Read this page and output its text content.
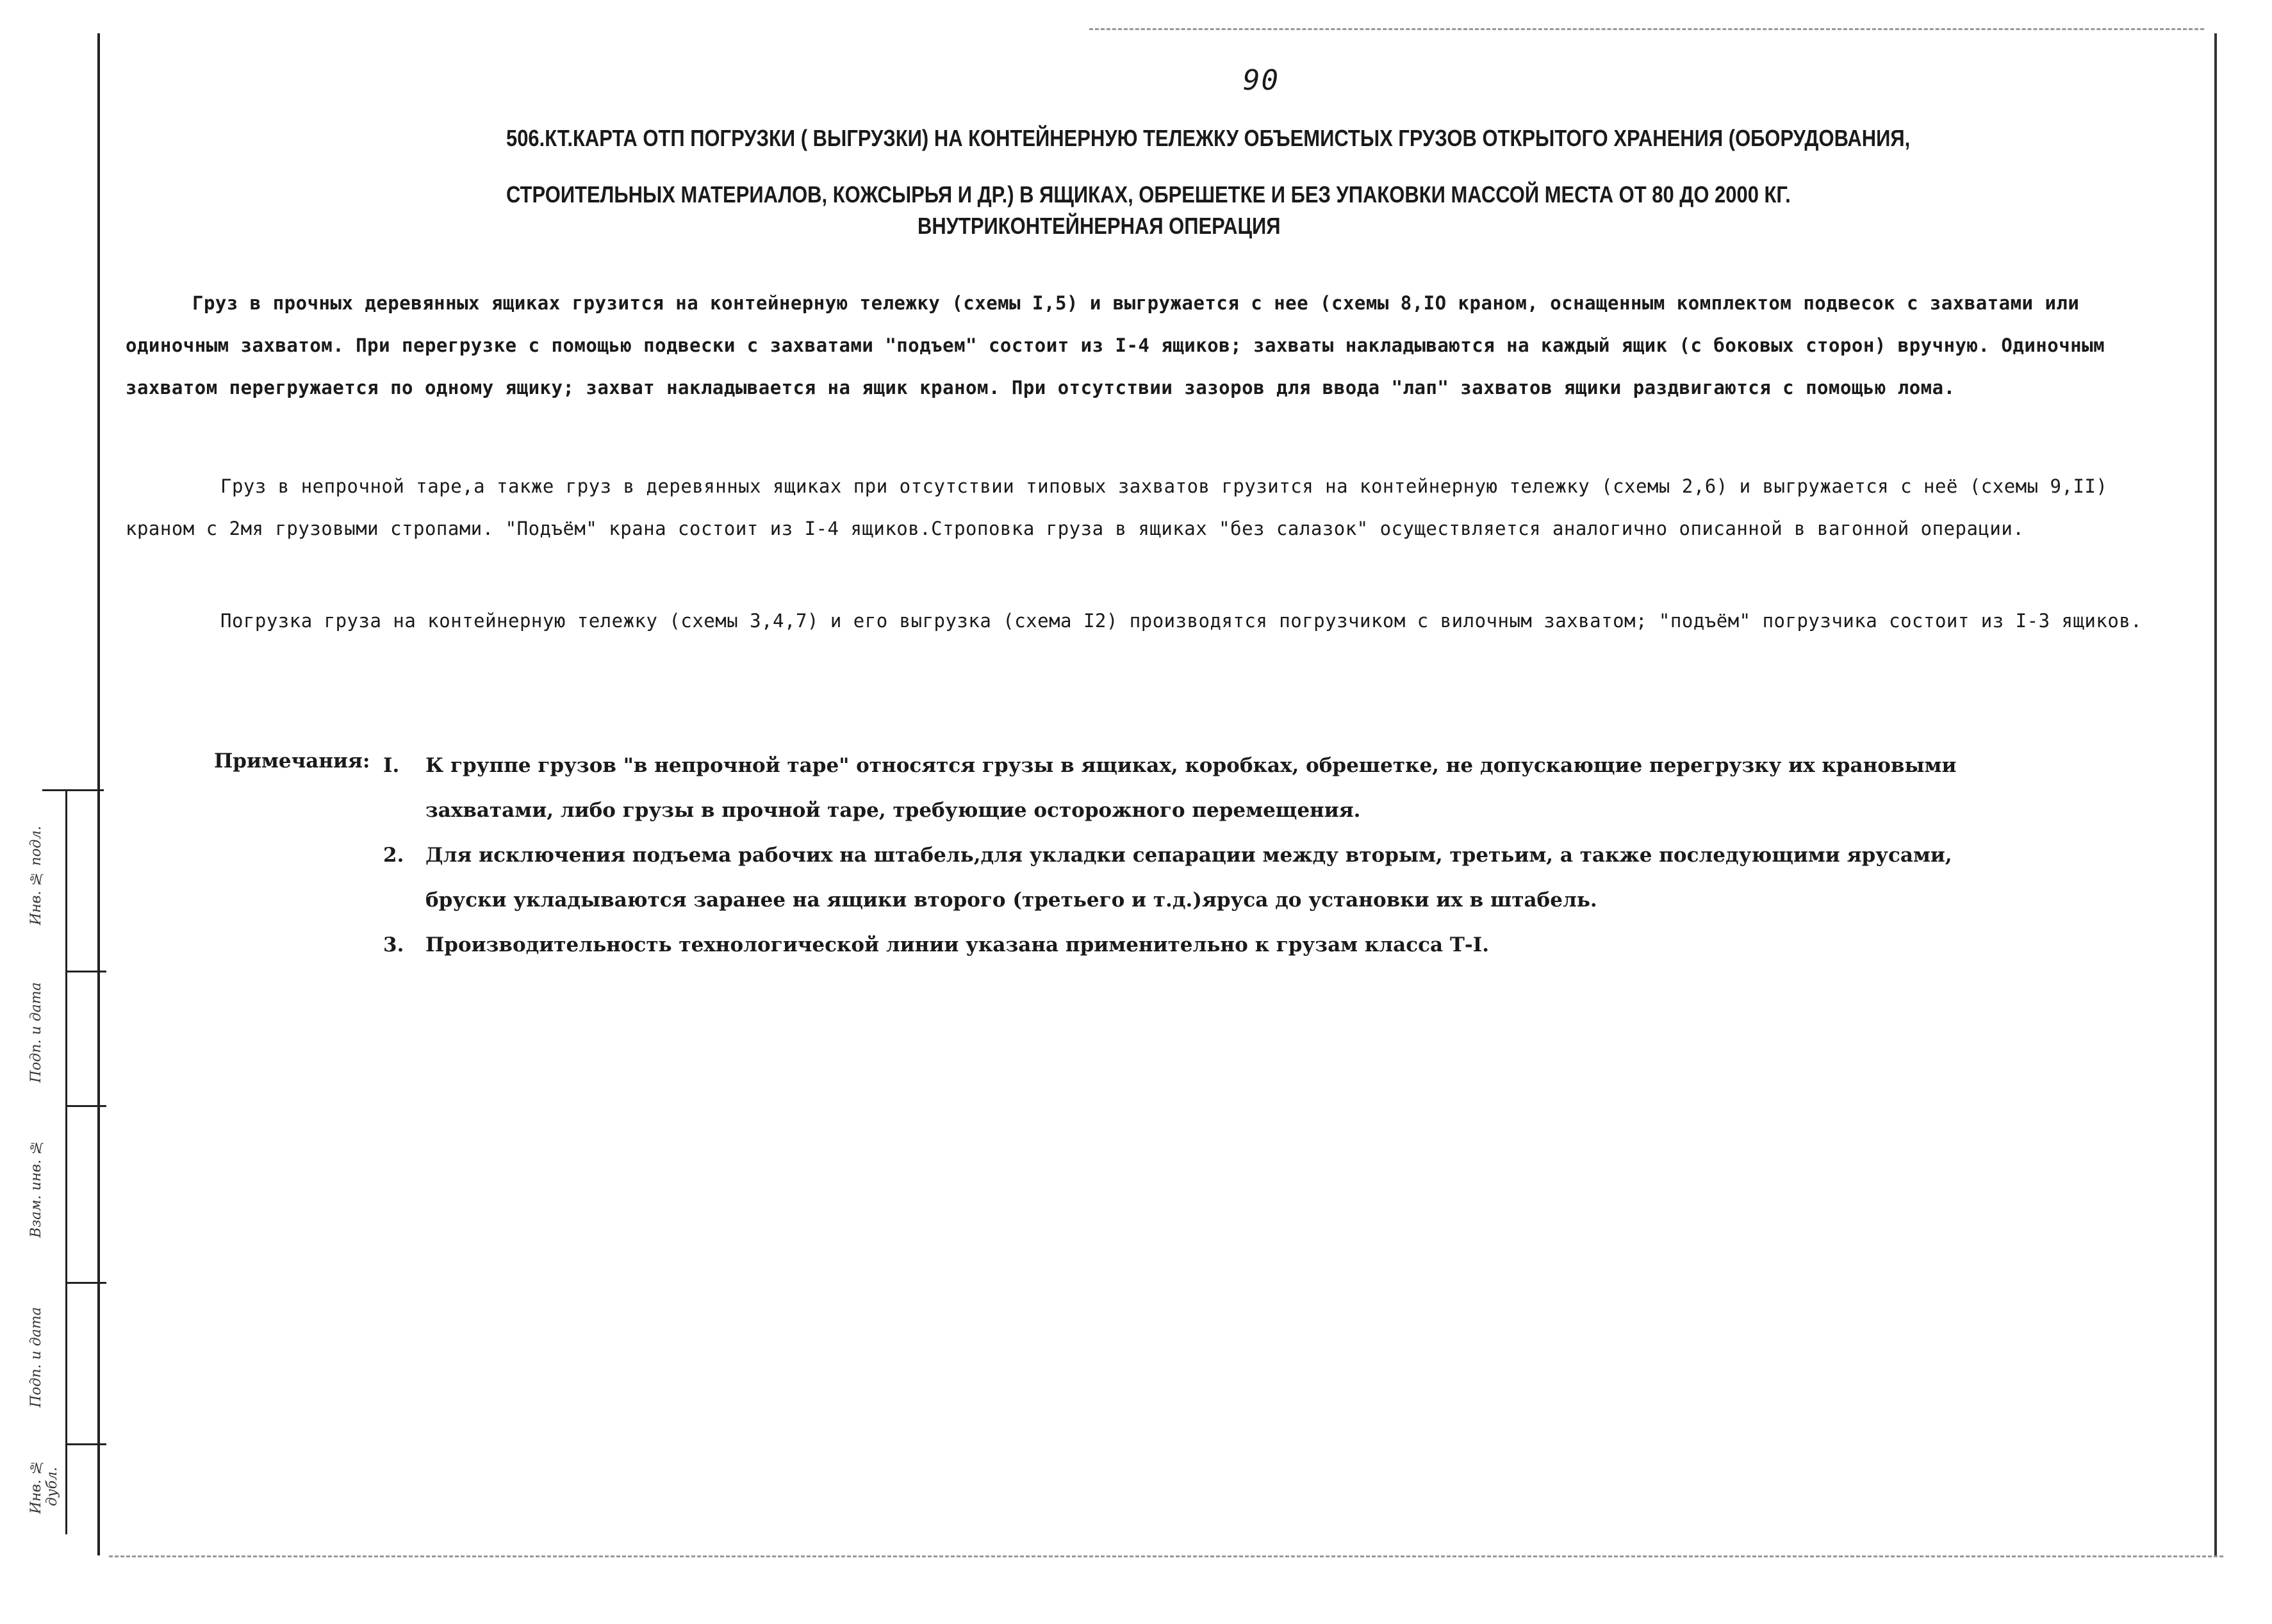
90

506.КТ.КАРТА ОТП ПОГРУЗКИ ( ВЫГРУЗКИ) НА КОНТЕЙНЕРНУЮ ТЕЛЕЖКУ ОБЪЕМИСТЫХ ГРУЗОВ ОТКРЫТОГО ХРАНЕНИЯ (ОБОРУДОВАНИЯ,

СТРОИТЕЛЬНЫХ МАТЕРИАЛОВ, КОЖСЫРЬЯ И ДР.) В ЯЩИКАХ, ОБРЕШЕТКЕ И БЕЗ УПАКОВКИ МАССОЙ МЕСТА ОТ 80 ДО 2000 КГ.

ВНУТРИКОНТЕЙНЕРНАЯ ОПЕРАЦИЯ
Груз в прочных деревянных ящиках грузится на контейнерную тележку (схемы I,5) и выгружается с нее (схемы 8,IO краном, оснащенным комплектом подвесок с захватами или одиночным захватом. При перегрузке с помощью подвески с захватами "подъем" состоит из I-4 ящиков; захваты накладываются на каждый ящик (с боковых сторон) вручную. Одиночным захватом перегружается по одному ящику; захват накладывается на ящик краном. При отсутствии зазоров для ввода "лап" захватов ящики раздвигаются с помощью лома.
Груз в непрочной таре,а также груз в деревянных ящиках при отсутствии типовых захватов грузится на контейнерную тележку (схемы 2,6) и выгружается с неё (схемы 9,II) краном с 2мя грузовыми стропами. "Подъём" крана состоит из I-4 ящиков.Строповка груза в ящиках "без салазок" осуществляется аналогично описанной в вагонной операции.
Погрузка груза на контейнерную тележку (схемы 3,4,7) и его выгрузка (схема I2) производятся погрузчиком с вилочным захватом; "подъём" погрузчика состоит из I-3 ящиков.
Примечания: I. К группе грузов "в непрочной таре" относятся грузы в ящиках, коробках, обрешетке, не допускающие перегрузку их крановыми
захватами, либо грузы в прочной таре, требующие осторожного перемещения.
2. Для исключения подъема рабочих на штабель,для укладки сепарации между вторым, третьим, а также последующими ярусами,
бруски укладываются заранее на ящики второго (третьего и т.д.)яруса до установки их в штабель.
3. Производительность технологической линии указана применительно к грузам класса Т-I.
Инв. № подл.
Подп. и дата
Взам. инв. №
Подп. и дата
Инв. № дубл.
